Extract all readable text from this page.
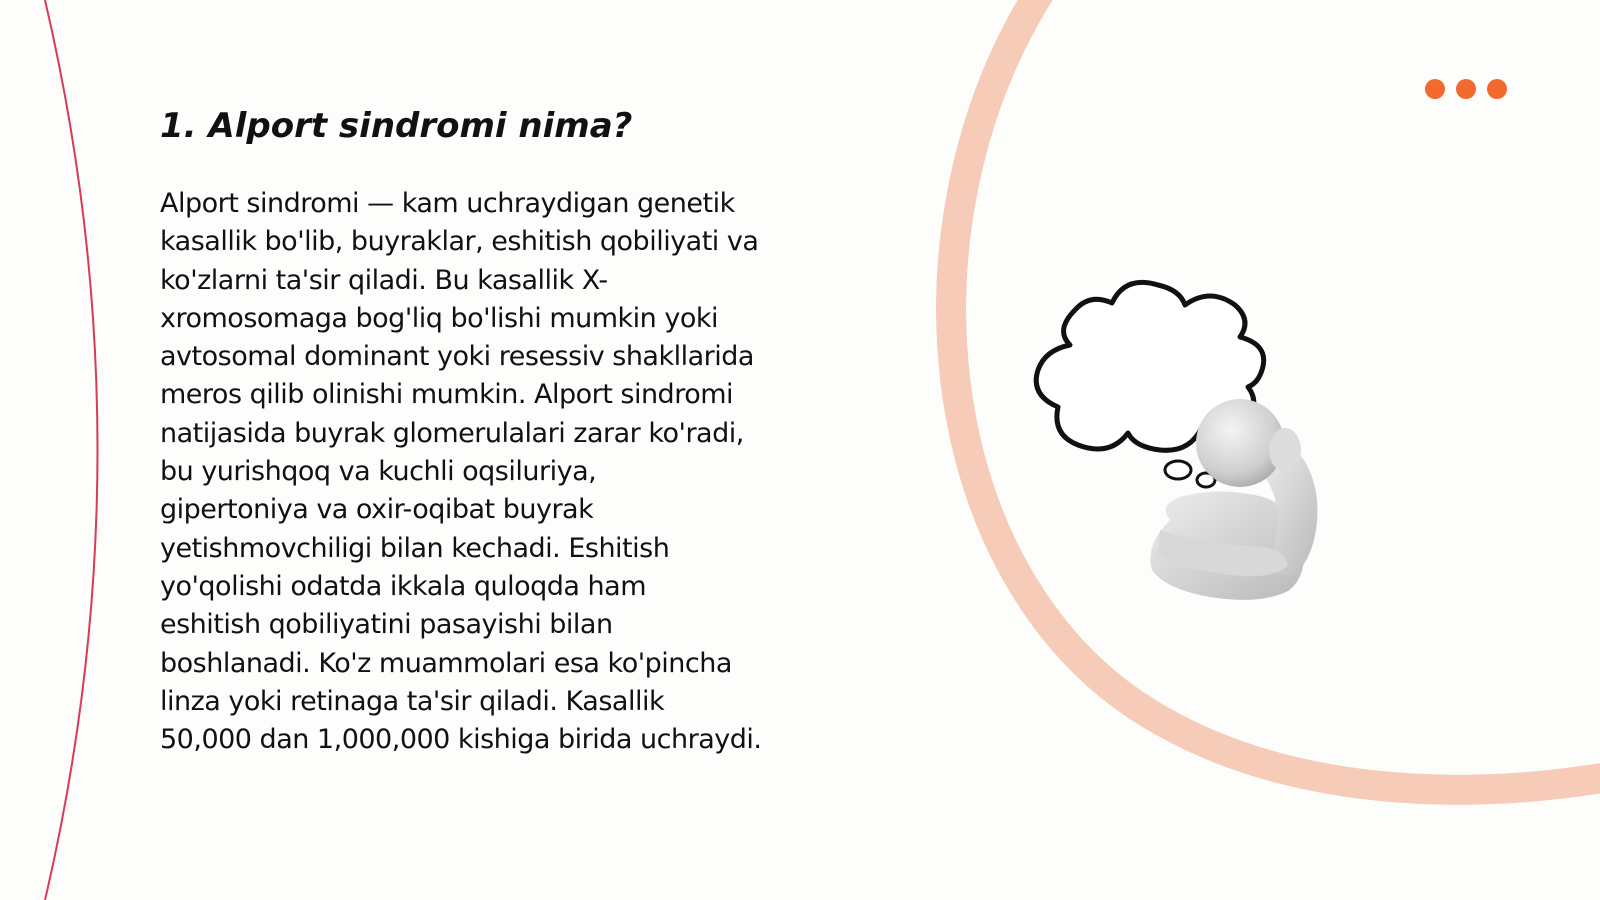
1. Alport sindromi nima?
Alport sindromi — kam uchraydigan genetik
kasallik bo'lib, buyraklar, eshitish qobiliyati va
ko'zlarni ta'sir qiladi. Bu kasallik X-
xromosomaga bog'liq bo'lishi mumkin yoki
avtosomal dominant yoki resessiv shakllarida
meros qilib olinishi mumkin. Alport sindromi
natijasida buyrak glomerulalari zarar ko'radi,
bu yurishqoq va kuchli oqsiluriya,
gipertoniya va oxir-oqibat buyrak
yetishmovchiligi bilan kechadi. Eshitish
yo'qolishi odatda ikkala quloqda ham
eshitish qobiliyatini pasayishi bilan
boshlanadi. Ko'z muammolari esa ko'pincha
linza yoki retinaga ta'sir qiladi. Kasallik
50,000 dan 1,000,000 kishiga birida uchraydi.
